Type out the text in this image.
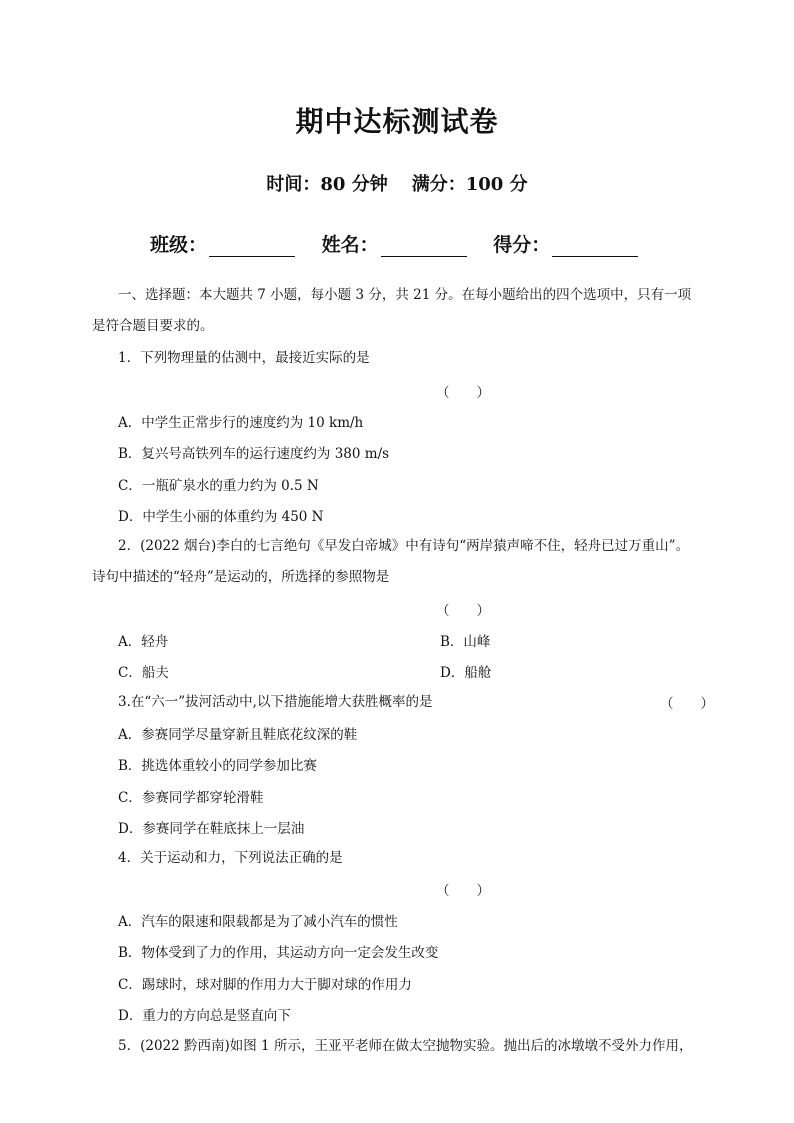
期中达标测试卷
时间：80 分钟 满分：100 分
班级：	姓名：	得分：
一、选择题：本大题共 7 小题，每小题 3 分，共 21 分。在每小题给出的四个选项中，只有一项
是符合题目要求的。
1．下列物理量的估测中，最接近实际的是
（　　）
A．中学生正常步行的速度约为 10 km/h
B．复兴号高铁列车的运行速度约为 380 m/s
C．一瓶矿泉水的重力约为 0.5 N
D．中学生小丽的体重约为 450 N
2．(2022 烟台)李白的七言绝句《早发白帝城》中有诗句“两岸猿声啼不住，轻舟已过万重山”。
诗句中描述的“轻舟”是运动的，所选择的参照物是
（　　）
A．轻舟	B．山峰
C．船夫	D．船舱
3.在“六一”拔河活动中,以下措施能增大获胜概率的是	（　　）
A．参赛同学尽量穿新且鞋底花纹深的鞋
B．挑选体重较小的同学参加比赛
C．参赛同学都穿轮滑鞋
D．参赛同学在鞋底抹上一层油
4．关于运动和力，下列说法正确的是
（　　）
A．汽车的限速和限载都是为了减小汽车的惯性
B．物体受到了力的作用，其运动方向一定会发生改变
C．踢球时，球对脚的作用力大于脚对球的作用力
D．重力的方向总是竖直向下
5．(2022 黔西南)如图 1 所示，王亚平老师在做太空抛物实验。抛出后的冰墩墩不受外力作用，
